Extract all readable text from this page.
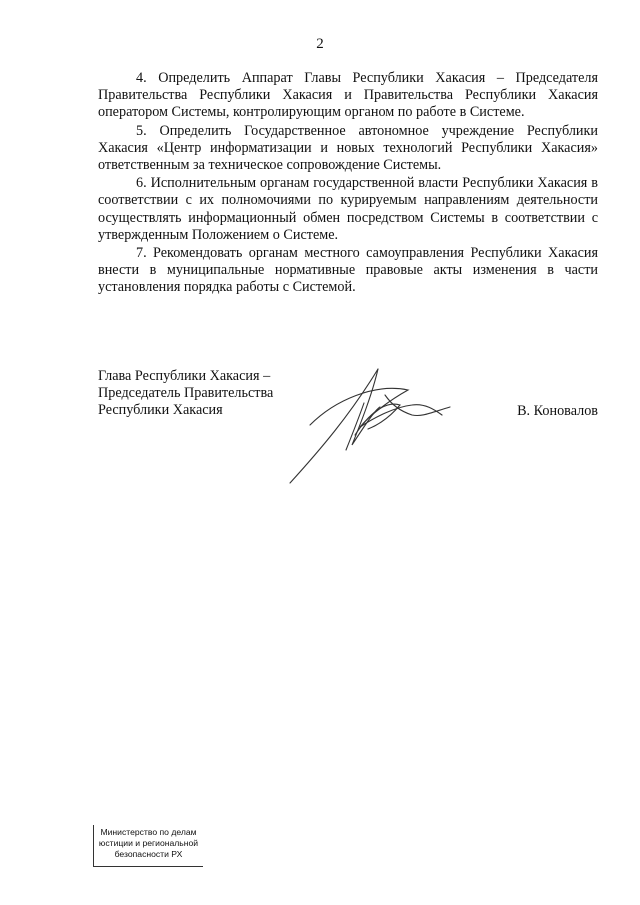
2

4. Определить Аппарат Главы Республики Хакасия – Председателя Правительства Республики Хакасия и Правительства Республики Хакасия оператором Системы, контролирующим органом по работе в Системе.

5. Определить Государственное автономное учреждение Республики Хакасия «Центр информатизации и новых технологий Республики Хакасия» ответственным за техническое сопровождение Системы.

6. Исполнительным органам государственной власти Республики Хакасия в соответствии с их полномочиями по курируемым направлениям деятельности осуществлять информационный обмен посредством Системы в соответствии с утвержденным Положением о Системе.

7. Рекомендовать органам местного самоуправления Республики Хакасия внести в муниципальные нормативные правовые акты изменения в части установления порядка работы с Системой.

Глава Республики Хакасия –
Председатель Правительства
Республики Хакасия	В. Коновалов
Министерство по делам
юстиции и региональной
безопасности РХ
